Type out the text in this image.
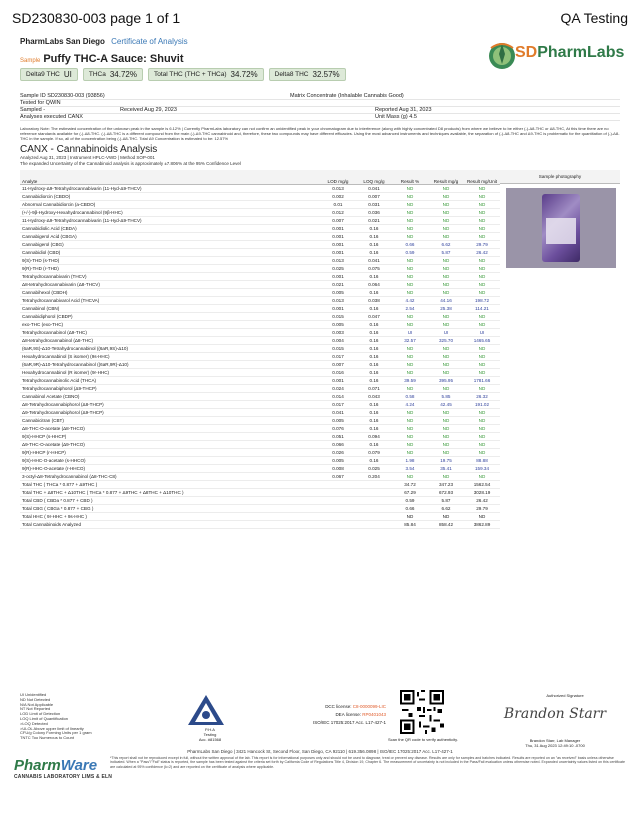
SD230830-003 page 1 of 1	QA Testing
PharmLabs San Diego Certificate of Analysis
Sample Puffy THC-A Sauce: Shuvit
Delta9 THC UI	THCa 34.72%	Total THC (THC + THCa) 34.72%	Delta8 THC 32.57%
SDPharmLabs
Sample ID SD230830-003 (93856)	Matrix Concentrate (Inhalable Cannabis Good)
Tested for QWIN
Sampled -	Received Aug 29, 2023	Reported Aug 31, 2023
Analyses executed CANX	Unit Mass (g) 4.5
Laboratory Note: The estimated concentration of the unknown peak in the sample is 6.12% | Currently PharmLabs laboratory can not confirm an unidentified peak in your chromatogram due to interference (along with highly concentrated D8 products) from where we believe to be either (-)-Δ8-THC or Δ8-THC, At this time there are no reference standards available for (-)-Δ8-THC. (-)-Δ8-THC is a different compound from the main (-)-Δ9-THC cannabinoid and, therefore, these two compounds may have different efficacies. Using the most advanced instruments and techniques available, the separation of (-)-Δ8-THC and Δ9-THC is problematic for the quantitation of (-)-Δ8-THC in the sample. If so, all of the concentration being (-)-Δ8-THC. Total Δ9 Concentration is estimated to be: 12.57%
CANX - Cannabinoids Analysis
Analyzed Aug 31, 2023 | Instrument HPLC-VWD | Method SOP-001
The expanded Uncertainty of the Cannabinoid analysis is approximately ±7.806% at the 95% Confidence Level
Analyte	LOD mg/g	LOQ mg/g	Result %	Result mg/g	Result mg/Unit
11-Hydroxy-Δ9-Tetrahydrocannabivarin (11-Hyd-Δ9-THCV)	0.013	0.041	ND	ND	ND
Cannabidiorcin (CBDO)	0.002	0.007	ND	ND	ND
Abnormal Cannabidiorcin (a-CBDO)	0.01	0.031	ND	ND	ND
(+/-)-9β-Hydroxy-Hexahydrocannabinol (9β-HHC)	0.012	0.036	ND	ND	ND
11-Hydroxy-Δ9-Tetrahydrocannabivarin (11-Hyd-Δ9-THCV)	0.007	0.021	ND	ND	ND
Cannabidiolic Acid (CBDA)	0.001	0.16	ND	ND	ND
Cannabigerol Acid (CBGA)	0.001	0.16	ND	ND	ND
Cannabigerol (CBG)	0.001	0.16	0.66	6.62	29.79
Cannabidiol (CBD)	0.001	0.16	0.59	5.87	26.42
9(S)-THD (s-THD)	0.013	0.041	ND	ND	ND
9(R)-THD (r-THD)	0.025	0.075	ND	ND	ND
Tetrahydrocannabivarin (THCV)	0.001	0.16	ND	ND	ND
Δ8-tetrahydrocannabivarin (Δ8-THCV)	0.021	0.064	ND	ND	ND
Cannabihexol (CBDH)	0.005	0.16	ND	ND	ND
Tetrahydrocannabivarol Acid (THCVA)	0.013	0.038	4.42	44.16	198.72
Cannabinol (CBN)	0.001	0.16	2.54	25.38	114.21
Cannabidiphorol (CBDP)	0.015	0.047	ND	ND	ND
exo-THC (exo-THC)	0.005	0.16	ND	ND	ND
Tetrahydrocannabinol (Δ9-THC)	0.003	0.16	UI	UI	UI
Δ8-tetrahydrocannabinol (Δ8-THC)	0.004	0.16	32.57	325.70	1465.65
(6aR,9S)-Δ10-Tetrahydrocannabinol ((6aR,9S)-Δ10)	0.015	0.16	ND	ND	ND
Hexahydrocannabinol (S isomer) (9s-HHC)	0.017	0.16	ND	ND	ND
(6aR,9R)-Δ10-Tetrahydrocannabinol ((6aR,9R)-Δ10)	0.007	0.16	ND	ND	ND
Hexahydrocannabinol (R isomer) (9r-HHC)	0.016	0.16	ND	ND	ND
Tetrahydrocannabinolic Acid (THCA)	0.001	0.16	39.59	395.95	1781.66
Tetrahydrocannabiphorol (Δ9-THCP)	0.024	0.071	ND	ND	ND
Cannabinol Acetate (CBNO)	0.014	0.043	0.58	5.85	26.32
Δ8-Tetrahydrocannabiphorol (Δ8-THCP)	0.017	0.16	4.24	42.45	191.02
Δ9-Tetrahydrocannabiphorol (Δ9-THCP)	0.041	0.16	ND	ND	ND
Cannabicitran (CBT)	0.005	0.16	ND	ND	ND
Δ8-THC-O-acetate (Δ8-THCO)	0.076	0.16	ND	ND	ND
9(S)-HHCP (s-HHCP)	0.051	0.094	ND	ND	ND
Δ9-THC-O-acetate (Δ9-THCO)	0.066	0.16	ND	ND	ND
9(R)-HHCP (r-HHCP)	0.026	0.079	ND	ND	ND
9(S)-HHC-O-acetate (s-HHCO)	0.005	0.16	1.98	19.75	88.88
9(R)-HHC-O-acetate (r-HHCO)	0.008	0.025	3.54	35.41	159.34
3-octyl-Δ8-Tetrahydrocannabinol (Δ8-THC-C8)	0.067	0.204	ND	ND	ND
Total THC ( THCa * 0.877 + Δ9THC )			34.72	347.23	1562.54
Total THC + Δ8THC + Δ10THC ( THCa * 0.877 + Δ9THC + Δ8THC + Δ10THC )			67.29	672.93	3028.19
Total CBD ( CBDa * 0.877 + CBD )			0.59	5.87	26.42
Total CBG ( CBGa * 0.877 + CBG )			0.66	6.62	29.79
Total HHC ( 9r-HHC + 9s-HHC )			ND	ND	ND
Total Cannabinoids Analyzed			85.84	858.42	3862.89
Sample photography
UI Unidentified
ND Not Detected
N/A Not Applicable
NT Not Reported
LOD Limit of Detection
LOQ Limit of Quantification
>LOQ Detected
>ULOL Above upper limit of linearity
CFU/g Colony Forming Units per 1 gram
TNTC Too Numerous to Count
P.H.A
Testing
Acc. #81568
DCC license: C8-0000099-LIC
DEA license: RP0401043
ISO/IEC 17025:2017 Acc. L17-427-1
Scan the QR code to verify authenticity.
Authorized Signature
Brandon Starr
Brandon Starr, Lab Manager
Thu, 31 Aug 2023 12:49:10 -0700
PharmLabs San Diego | 3421 Hancock St, Second Floor, San Diego, CA 92110 | 619.356.0898 | ISO/IEC 17025:2017 Acc. L17-427-1
*This report shall not be reproduced except in full, without the written approval of the lab. This report is for informational purposes only and should not be used to diagnose, treat or prevent any disease. Results are only for samples and batches indicated. Results are reported on an "as received" basis unless otherwise indicated. When a "Pass"/"Fail" status is reported, the sample has been tested against the criteria set forth by California Code of Regulations Title 4, Division 19, Chapter 6. The measurement of uncertainty is not included in the Pass/Fail evaluation unless otherwise noted. Expanded uncertainty values listed on this certificate are calculated at 95% confidence (k=2) and are reported on the certificate of analysis where applicable.
PharmWare
CANNABIS LABORATORY LIMS & ELN
